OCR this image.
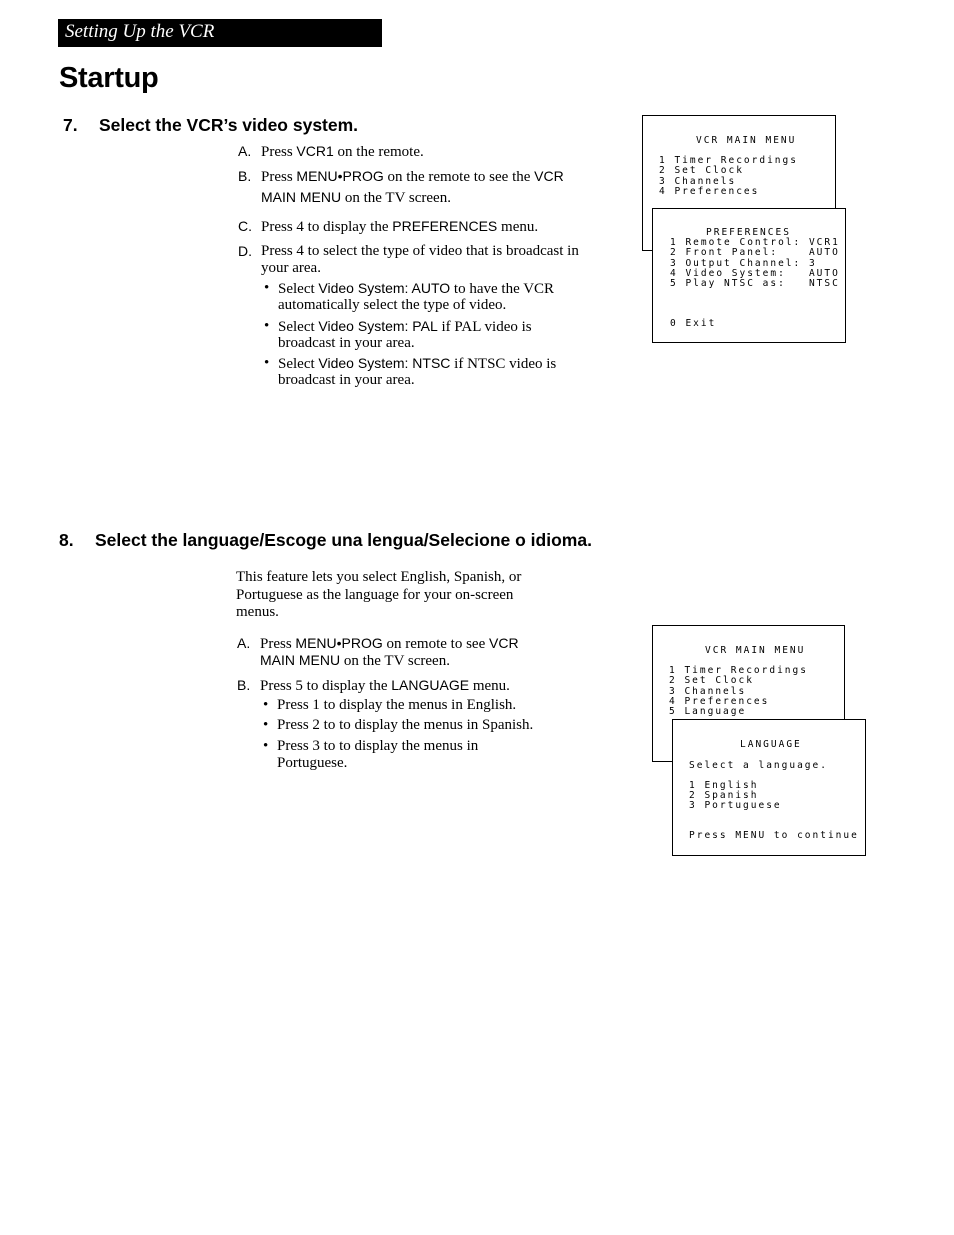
Setting Up the VCR
Startup
7. Select the VCR’s video system.
A. Press VCR1 on the remote.
B. Press MENU•PROG on the remote to see the VCR
MAIN MENU on the TV screen.
C. Press 4 to display the PREFERENCES menu.
D. Press 4 to select the type of video that is broadcast in
your area.
• Select Video System: AUTO to have the VCR
automatically select the type of video.
• Select Video System: PAL if PAL video is
broadcast in your area.
• Select Video System: NTSC if NTSC video is
broadcast in your area.

VCR MAIN MENU

1 Timer Recordings

2 Set Clock

3 Channels

4 Preferences

PREFERENCES

1 Remote Control: VCR1

2 Front Panel:    AUTO

3 Output Channel: 3

4 Video System:   AUTO

5 Play NTSC as:   NTSC

0 Exit

8. Select the language/Escoge una lengua/Selecione o idioma.
This feature lets you select English, Spanish, or
Portuguese as the language for your on-screen
menus.
A. Press MENU•PROG on remote to see VCR
MAIN MENU on the TV screen.
B. Press 5 to display the LANGUAGE menu.
• Press 1 to display the menus in English.
• Press 2 to to display the menus in Spanish.
• Press 3 to to display the menus in
Portuguese.

VCR MAIN MENU

1 Timer Recordings

2 Set Clock

3 Channels

4 Preferences

5 Language

LANGUAGE

Select a language.

1 English

2 Spanish

3 Portuguese

Press MENU to continue
